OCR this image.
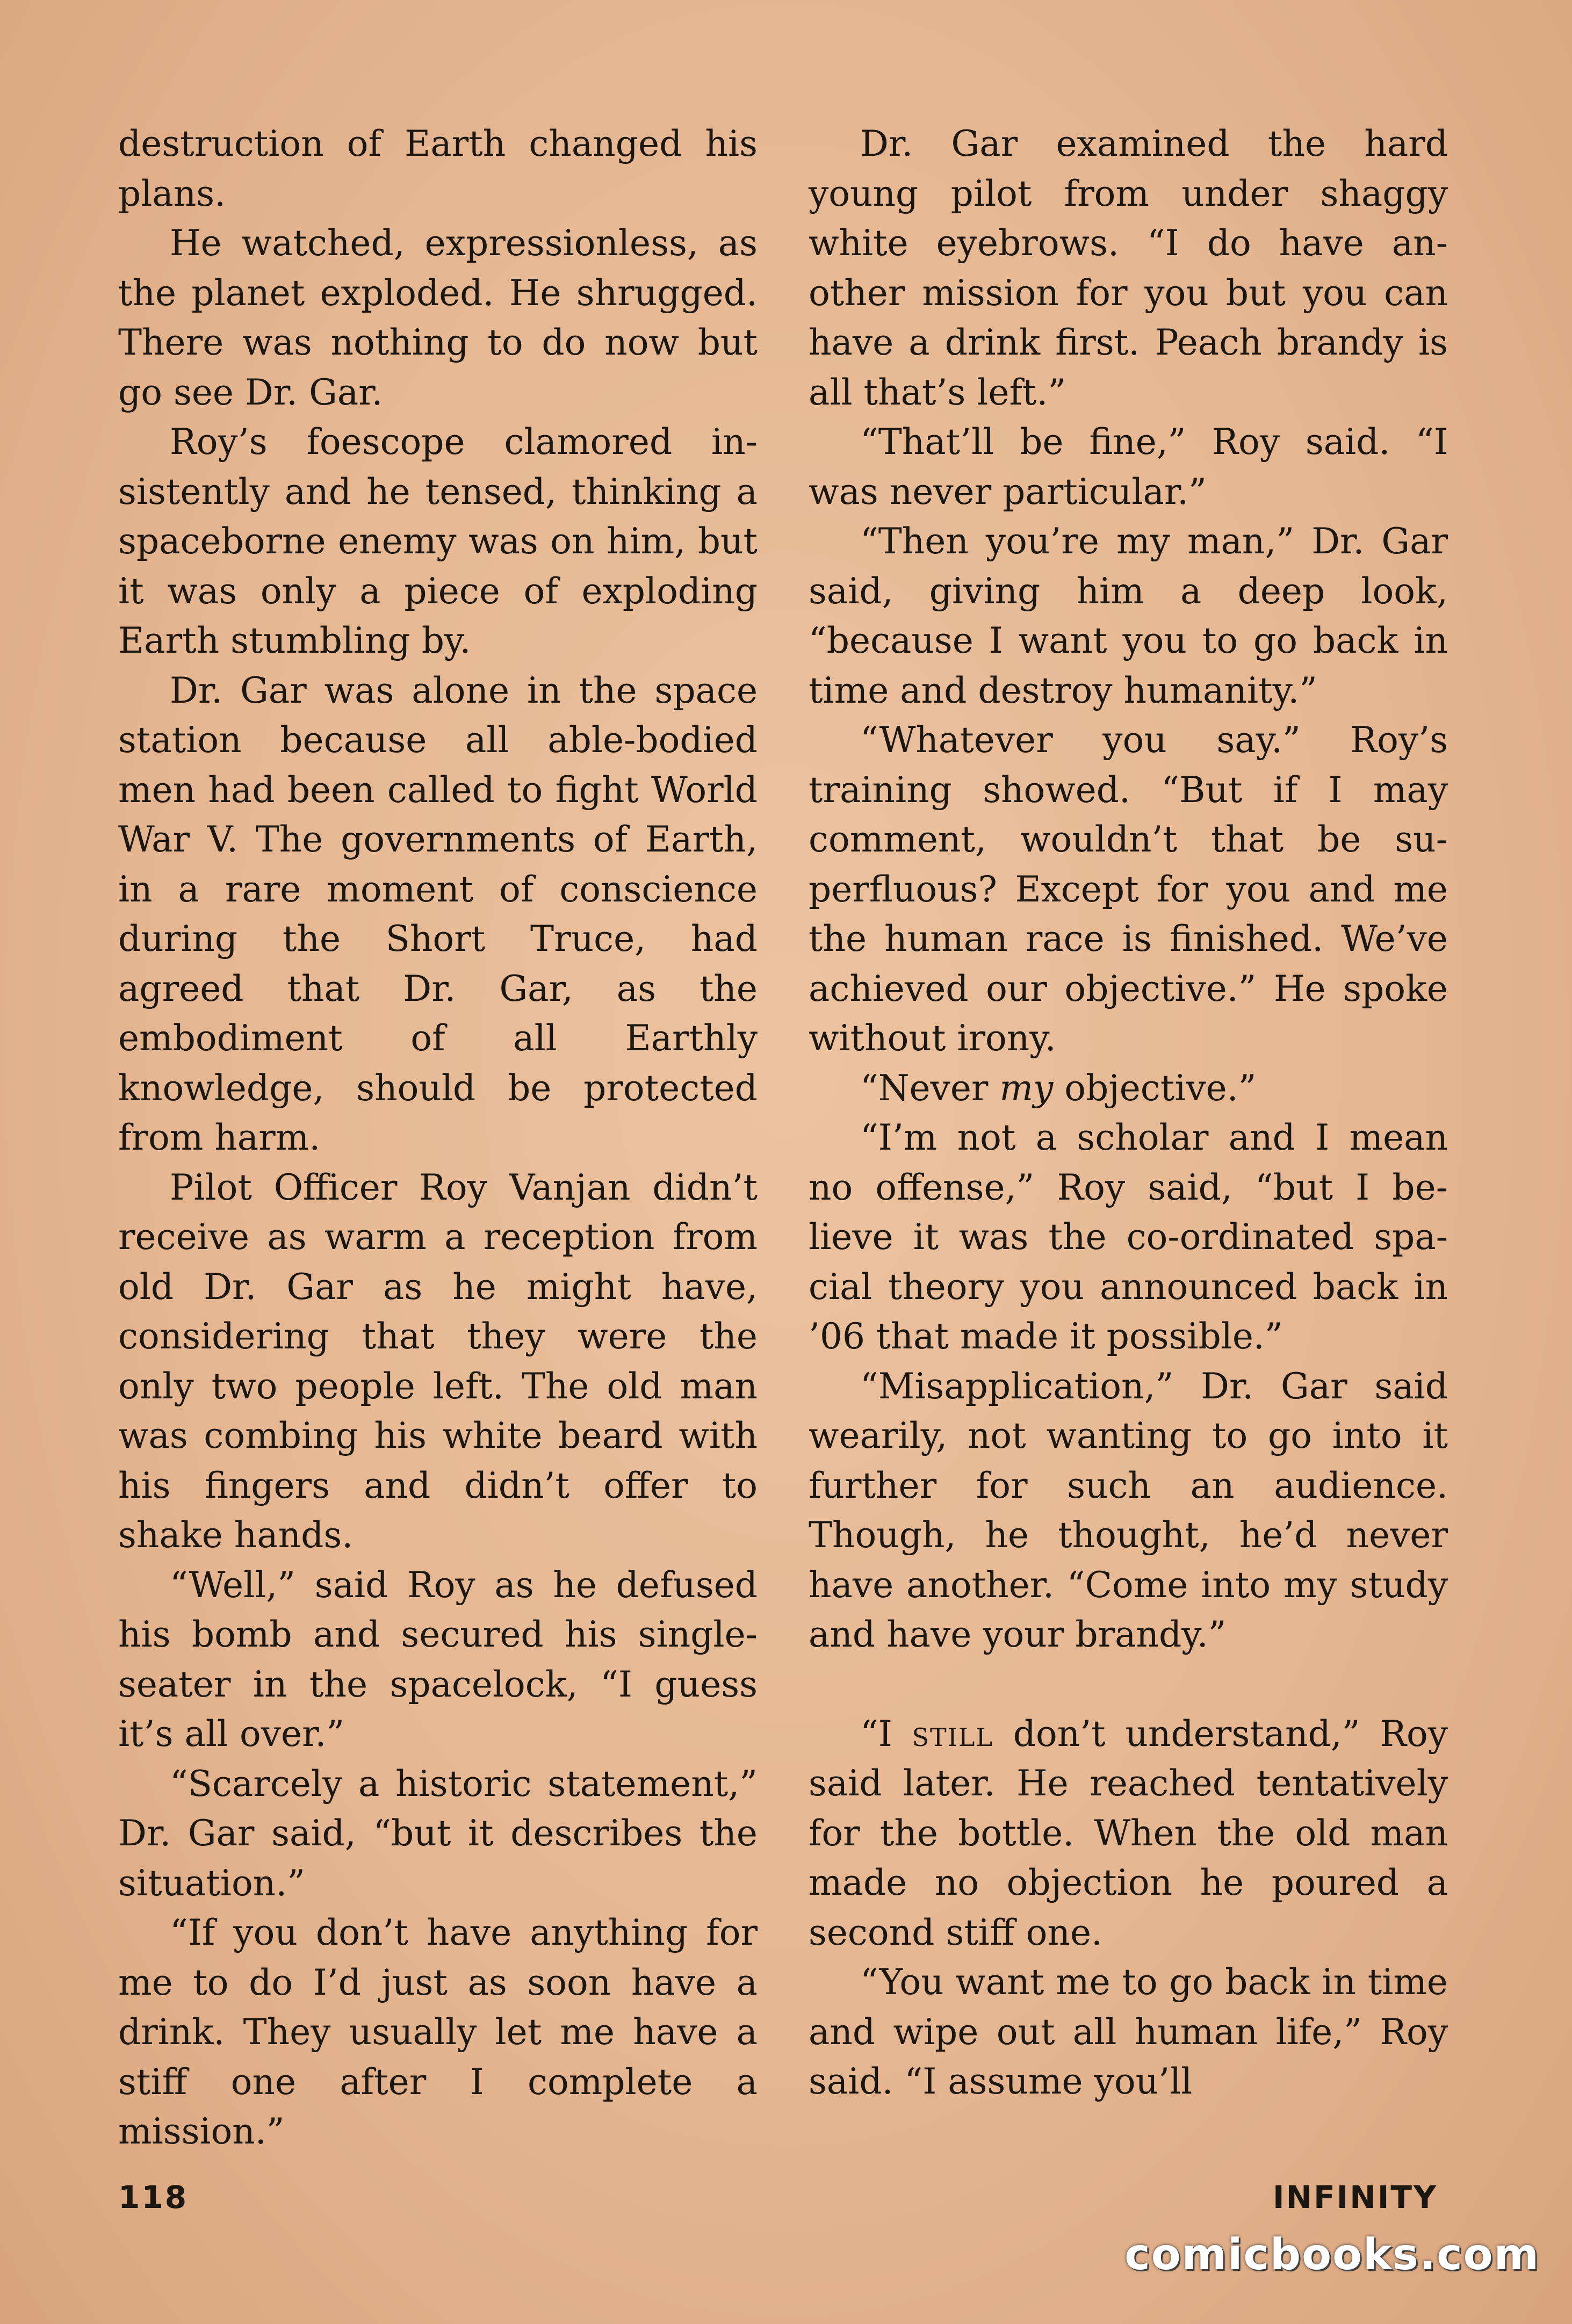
destruction of Earth changed his plans.

He watched, expressionless, as the planet exploded. He shrugged. There was nothing to do now but go see Dr. Gar.

Roy’s foescope clamored insistently and he tensed, thinking a spaceborne enemy was on him, but it was only a piece of exploding Earth stumbling by.

Dr. Gar was alone in the space station because all able-bodied men had been called to fight World War V. The governments of Earth, in a rare moment of conscience during the Short Truce, had agreed that Dr. Gar, as the embodiment of all Earthly knowledge, should be protected from harm.

Pilot Officer Roy Vanjan didn’t receive as warm a reception from old Dr. Gar as he might have, considering that they were the only two people left. The old man was combing his white beard with his fingers and didn’t offer to shake hands.

“Well,” said Roy as he defused his bomb and secured his single-seater in the spacelock, “I guess it’s all over.”

“Scarcely a historic statement,” Dr. Gar said, “but it describes the situation.”

“If you don’t have anything for me to do I’d just as soon have a drink. They usually let me have a stiff one after I complete a mission.”

Dr. Gar examined the hard young pilot from under shaggy white eyebrows. “I do have another mission for you but you can have a drink first. Peach brandy is all that’s left.”

“That’ll be fine,” Roy said. “I was never particular.”

“Then you’re my man,” Dr. Gar said, giving him a deep look, “because I want you to go back in time and destroy humanity.”

“Whatever you say.” Roy’s training showed. “But if I may comment, wouldn’t that be superfluous? Except for you and me the human race is finished. We’ve achieved our objective.” He spoke without irony.

“Never my objective.”

“I’m not a scholar and I mean no offense,” Roy said, “but I believe it was the co-ordinated spacial theory you announced back in ’06 that made it possible.”

“Misapplication,” Dr. Gar said wearily, not wanting to go into it further for such an audience. Though, he thought, he’d never have another. “Come into my study and have your brandy.”

“I still don’t understand,” Roy said later. He reached tentatively for the bottle. When the old man made no objection he poured a second stiff one.

“You want me to go back in time and wipe out all human life,” Roy said. “I assume you’ll

118	INFINITY
comicbooks.com
